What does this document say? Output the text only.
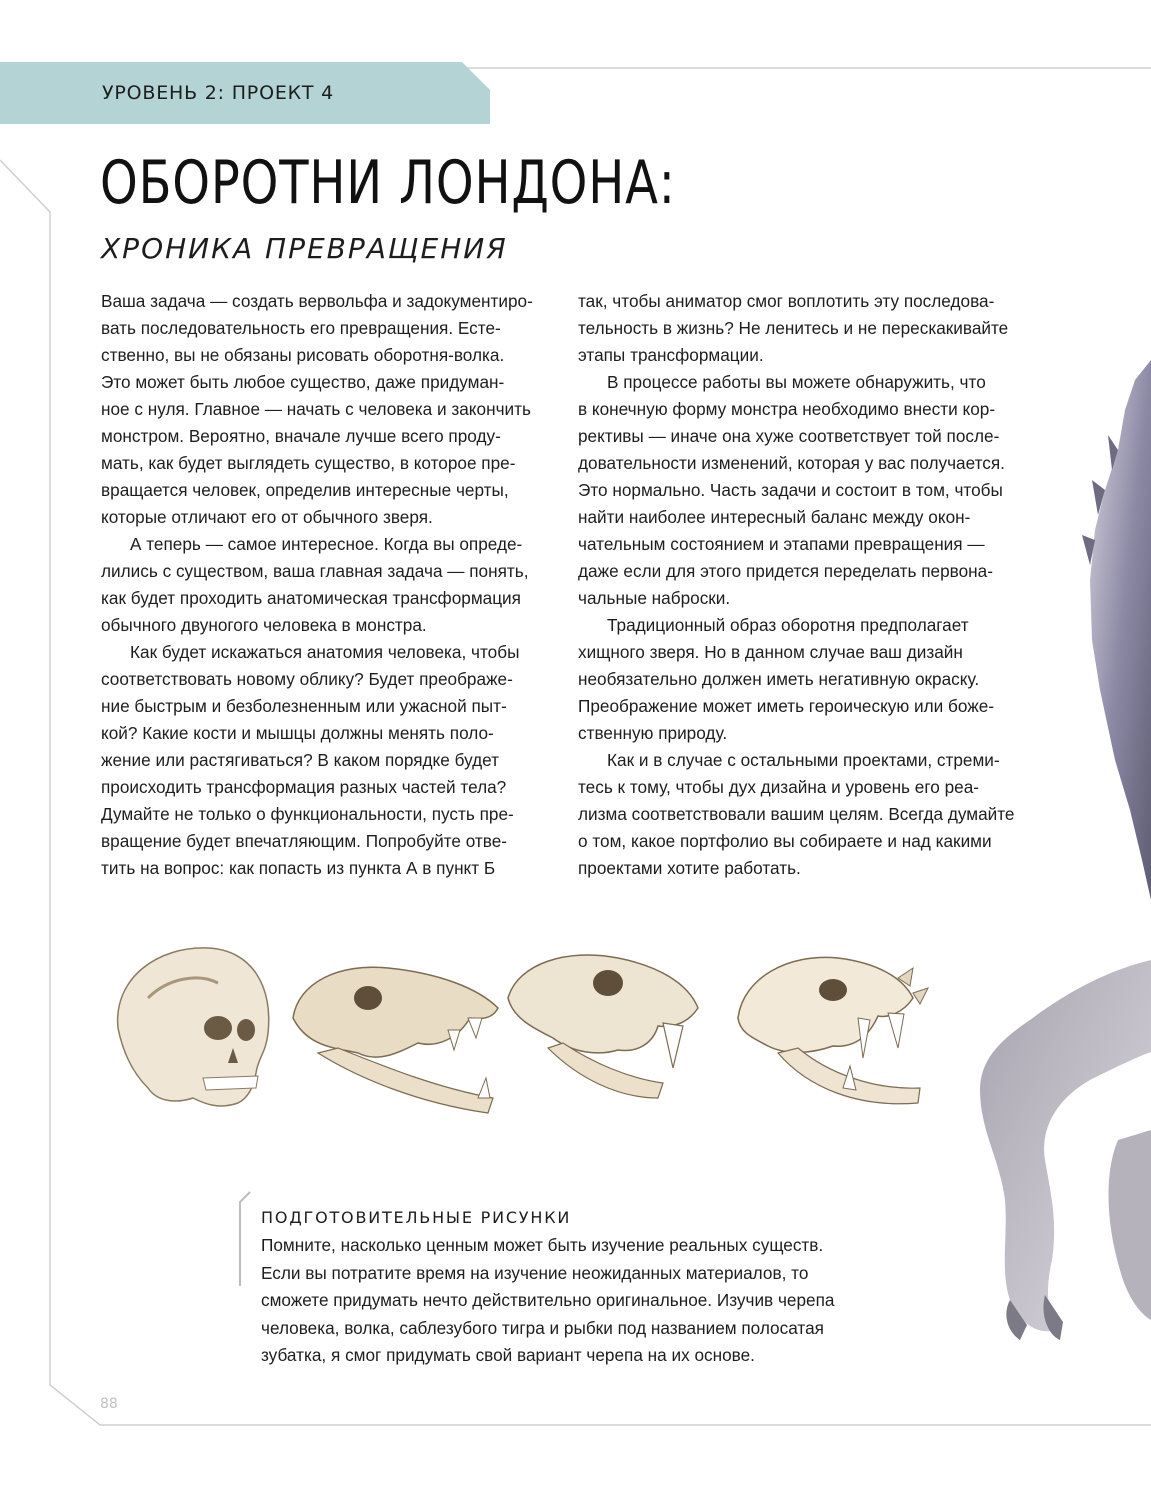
УРОВЕНЬ 2: ПРОЕКТ 4
ОБОРОТНИ ЛОНДОНА:
ХРОНИКА ПРЕВРАЩЕНИЯ

Ваша задача — создать вервольфа и задокументиро-
вать последовательность его превращения. Есте-
ственно, вы не обязаны рисовать оборотня-волка.
Это может быть любое существо, даже придуман-
ное с нуля. Главное — начать с человека и закончить
монстром. Вероятно, вначале лучше всего проду-
мать, как будет выглядеть существо, в которое пре-
вращается человек, определив интересные черты,
которые отличают его от обычного зверя.

А теперь — самое интересное. Когда вы опреде-
лились с существом, ваша главная задача — понять,
как будет проходить анатомическая трансформация
обычного двуногого человека в монстра.

Как будет искажаться анатомия человека, чтобы
соответствовать новому облику? Будет преображе-
ние быстрым и безболезненным или ужасной пыт-
кой? Какие кости и мышцы должны менять поло-
жение или растягиваться? В каком порядке будет
происходить трансформация разных частей тела?
Думайте не только о функциональности, пусть пре-
вращение будет впечатляющим. Попробуйте отве-
тить на вопрос: как попасть из пункта А в пункт Б

так, чтобы аниматор смог воплотить эту последова-
тельность в жизнь? Не ленитесь и не перескакивайте
этапы трансформации.

В процессе работы вы можете обнаружить, что
в конечную форму монстра необходимо внести кор-
рективы — иначе она хуже соответствует той после-
довательности изменений, которая у вас получается.
Это нормально. Часть задачи и состоит в том, чтобы
найти наиболее интересный баланс между окон-
чательным состоянием и этапами превращения —
даже если для этого придется переделать первона-
чальные наброски.

Традиционный образ оборотня предполагает
хищного зверя. Но в данном случае ваш дизайн
необязательно должен иметь негативную окраску.
Преображение может иметь героическую или боже-
ственную природу.

Как и в случае с остальными проектами, стреми-
тесь к тому, чтобы дух дизайна и уровень его реа-
лизма соответствовали вашим целям. Всегда думайте
о том, какое портфолио вы собираете и над какими
проектами хотите работать.

ПОДГОТОВИТЕЛЬНЫЕ РИСУНКИ
Помните, насколько ценным может быть изучение реальных существ.
Если вы потратите время на изучение неожиданных материалов, то
сможете придумать нечто действительно оригинальное. Изучив черепа
человека, волка, саблезубого тигра и рыбки под названием полосатая
зубатка, я смог придумать свой вариант черепа на их основе.
88
